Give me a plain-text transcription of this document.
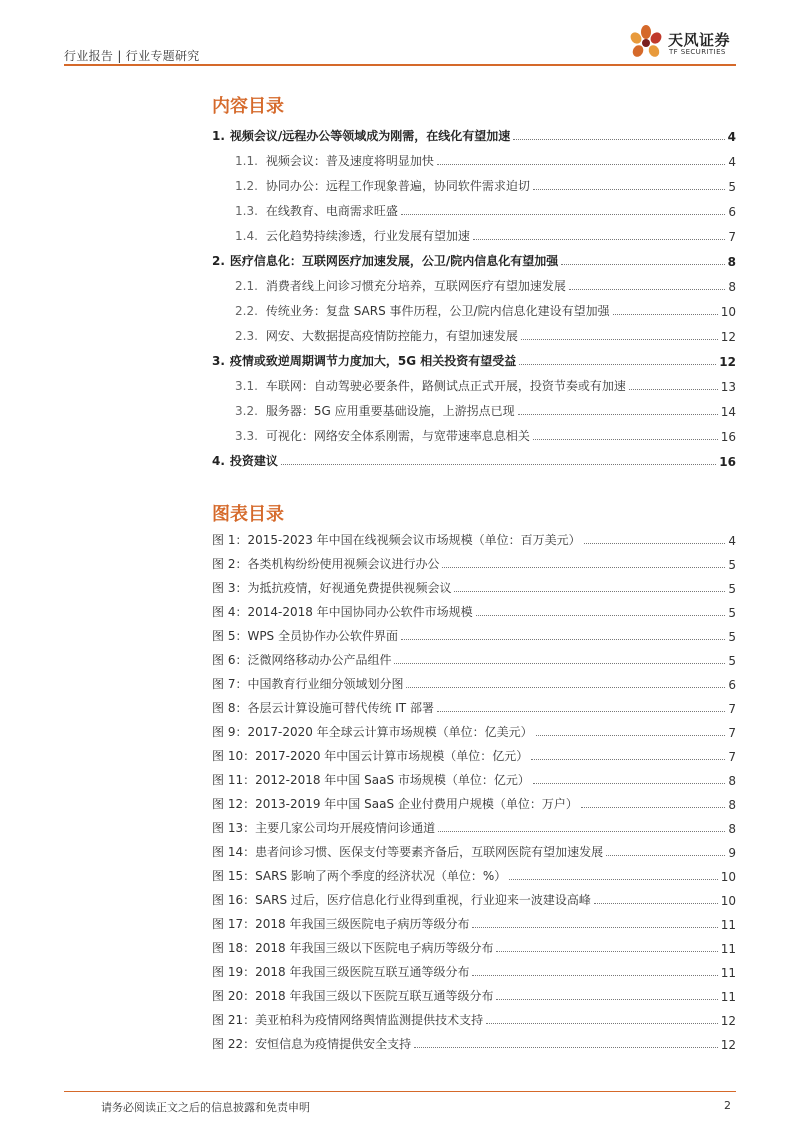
行业报告 | 行业专题研究
天风证券
TF SECURITIES
内容目录
1. 视频会议/远程办公等领域成为刚需，在线化有望加速	4
1.1. 视频会议：普及速度将明显加快	4
1.2. 协同办公：远程工作现象普遍，协同软件需求迫切	5
1.3. 在线教育、电商需求旺盛	6
1.4. 云化趋势持续渗透，行业发展有望加速	7
2. 医疗信息化：互联网医疗加速发展，公卫/院内信息化有望加强	8
2.1. 消费者线上问诊习惯充分培养，互联网医疗有望加速发展	8
2.2. 传统业务：复盘 SARS 事件历程，公卫/院内信息化建设有望加强	10
2.3. 网安、大数据提高疫情防控能力，有望加速发展	12
3. 疫情或致逆周期调节力度加大，5G 相关投资有望受益	12
3.1. 车联网：自动驾驶必要条件，路侧试点正式开展，投资节奏或有加速	13
3.2. 服务器：5G 应用重要基础设施，上游拐点已现	14
3.3. 可视化：网络安全体系刚需，与宽带速率息息相关	16
4. 投资建议	16
图表目录
图 1：2015-2023 年中国在线视频会议市场规模（单位：百万美元）	4
图 2：各类机构纷纷使用视频会议进行办公	5
图 3：为抵抗疫情，好视通免费提供视频会议	5
图 4：2014-2018 年中国协同办公软件市场规模	5
图 5：WPS 全员协作办公软件界面	5
图 6：泛微网络移动办公产品组件	5
图 7：中国教育行业细分领域划分图	6
图 8：各层云计算设施可替代传统 IT 部署	7
图 9：2017-2020 年全球云计算市场规模（单位：亿美元）	7
图 10：2017-2020 年中国云计算市场规模（单位：亿元）	7
图 11：2012-2018 年中国 SaaS 市场规模（单位：亿元）	8
图 12：2013-2019 年中国 SaaS 企业付费用户规模（单位：万户）	8
图 13：主要几家公司均开展疫情问诊通道	8
图 14：患者问诊习惯、医保支付等要素齐备后，互联网医院有望加速发展	9
图 15：SARS 影响了两个季度的经济状况（单位：%）	10
图 16：SARS 过后，医疗信息化行业得到重视，行业迎来一波建设高峰	10
图 17：2018 年我国三级医院电子病历等级分布	11
图 18：2018 年我国三级以下医院电子病历等级分布	11
图 19：2018 年我国三级医院互联互通等级分布	11
图 20：2018 年我国三级以下医院互联互通等级分布	11
图 21：美亚柏科为疫情网络舆情监测提供技术支持	12
图 22：安恒信息为疫情提供安全支持	12
请务必阅读正文之后的信息披露和免责申明	2
